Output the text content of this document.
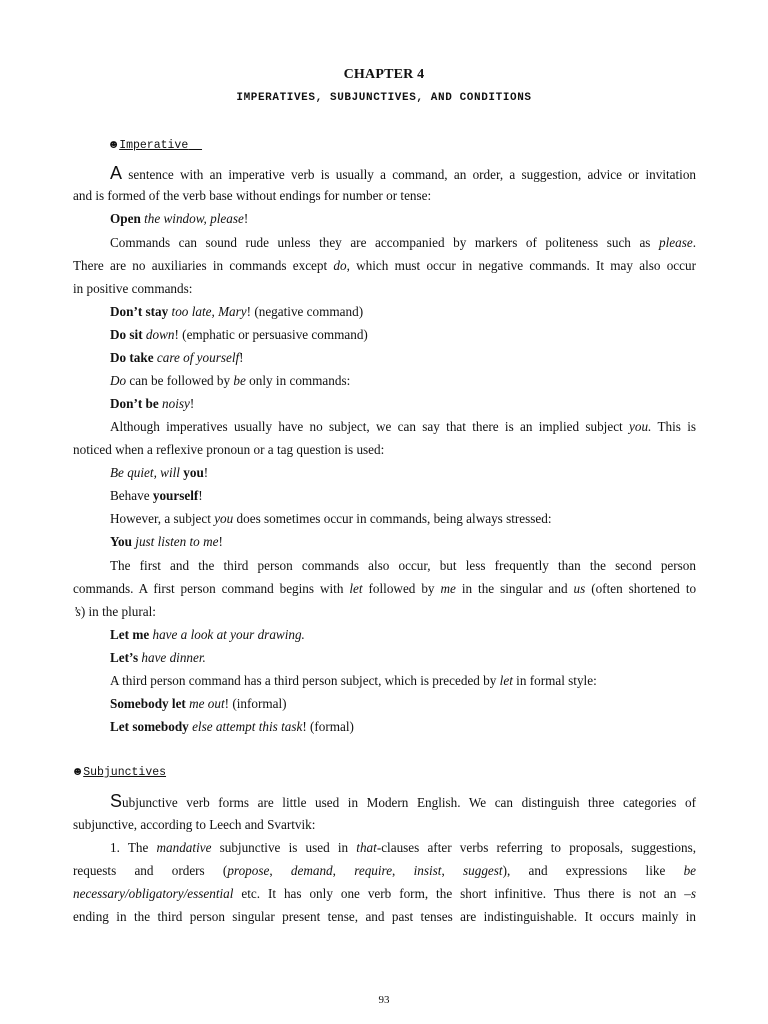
CHAPTER 4
IMPERATIVES, SUBJUNCTIVES, AND CONDITIONS
☻ Imperative
A sentence with an imperative verb is usually a command, an order, a suggestion, advice or invitation
and is formed of the verb base without endings for number or tense:
Open the window, please!
Commands can sound rude unless they are accompanied by markers of politeness such as please.
There are no auxiliaries in commands except do, which must occur in negative commands. It may also occur
in positive commands:
Don’t stay too late, Mary! (negative command)
Do sit down! (emphatic or persuasive command)
Do take care of yourself!
Do can be followed by be only in commands:
Don’t be noisy!
Although imperatives usually have no subject, we can say that there is an implied subject you. This is
noticed when a reflexive pronoun or a tag question is used:
Be quiet, will you!
Behave yourself!
However, a subject you does sometimes occur in commands, being always stressed:
You just listen to me!
The first and the third person commands also occur, but less frequently than the second person
commands. A first person command begins with let followed by me in the singular and us (often shortened to
’s) in the plural:
Let me have a look at your drawing.
Let’s have dinner.
A third person command has a third person subject, which is preceded by let in formal style:
Somebody let me out! (informal)
Let somebody else attempt this task! (formal)
☻ Subjunctives
Subjunctive verb forms are little used in Modern English. We can distinguish three categories of
subjunctive, according to Leech and Svartvik:
1. The mandative subjunctive is used in that-clauses after verbs referring to proposals, suggestions,
requests and orders (propose, demand, require, insist, suggest), and expressions like be
necessary/obligatory/essential etc. It has only one verb form, the short infinitive. Thus there is not an –s
ending in the third person singular present tense, and past tenses are indistinguishable. It occurs mainly in
93
